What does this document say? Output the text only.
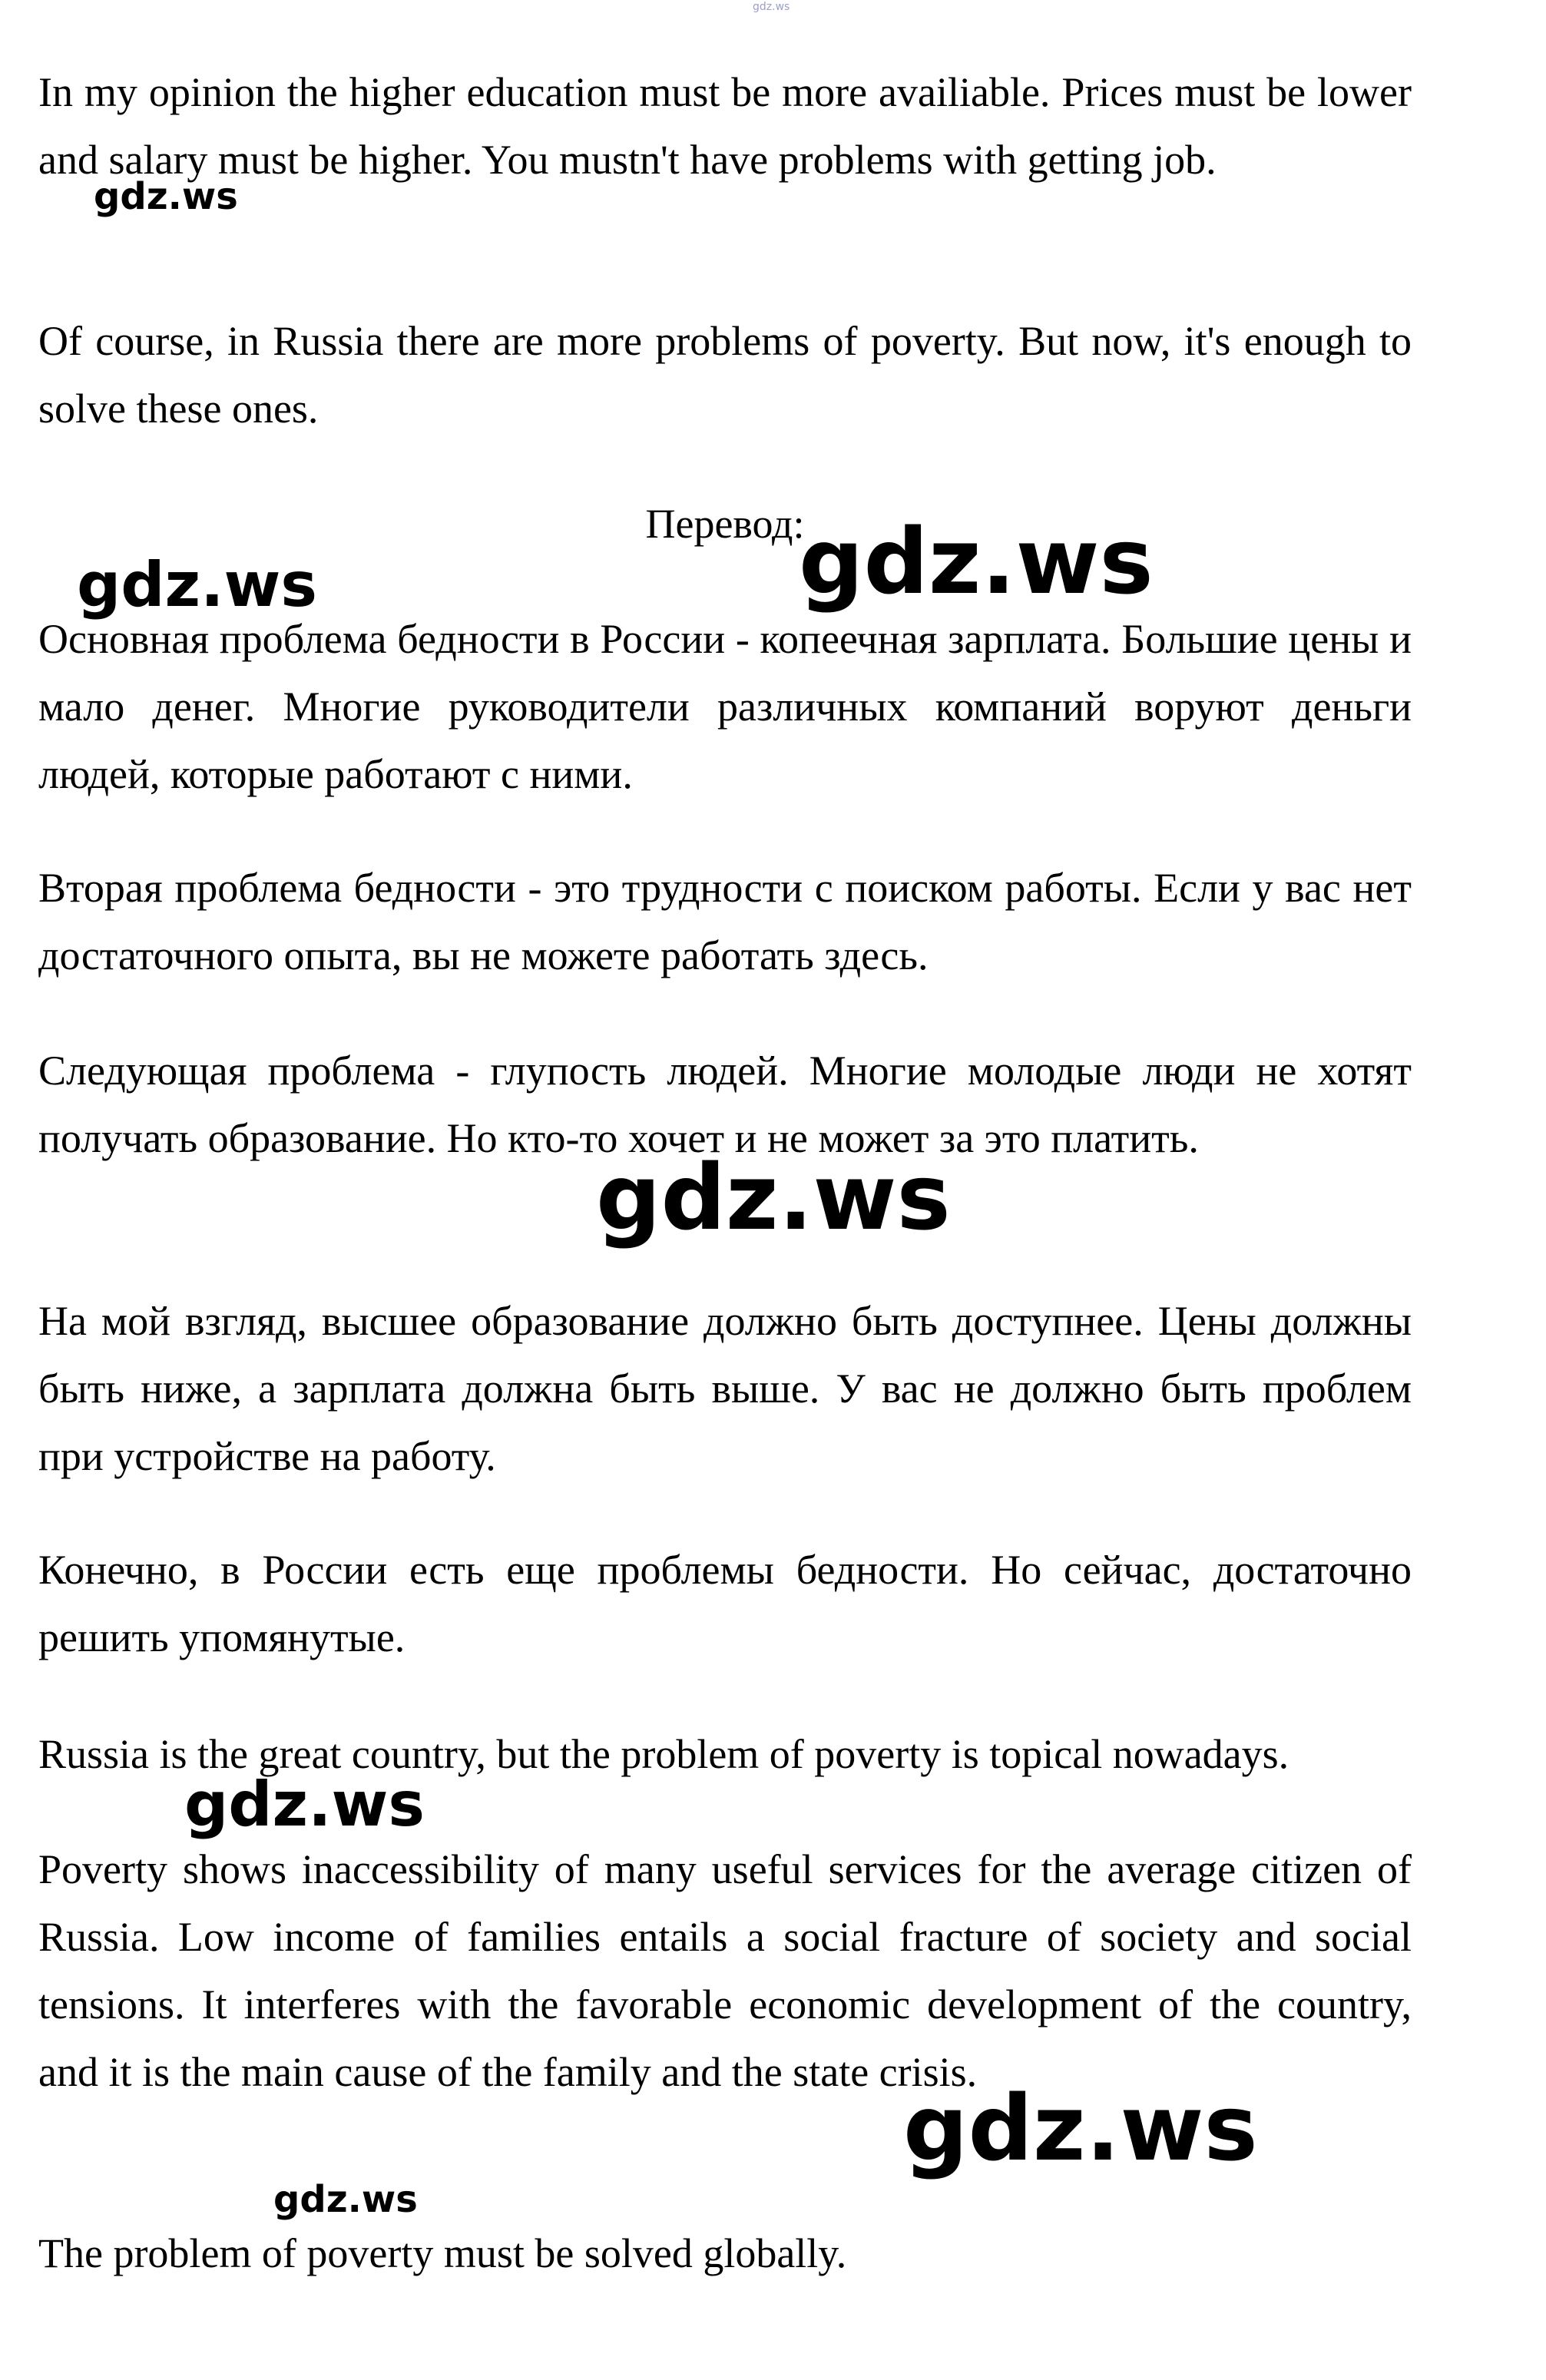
gdz.ws

In my opinion the higher education must be more availiable. Prices must be lower and salary must be higher. You mustn't have problems with getting job.

Of course, in Russia there are more problems of poverty. But now, it's enough to solve these ones.

Перевод:

Основная проблема бедности в России - копеечная зарплата. Большие цены и мало денег. Многие руководители различных компаний воруют деньги людей, которые работают с ними.

Вторая проблема бедности - это трудности с поиском работы. Если у вас нет достаточного опыта, вы не можете работать здесь.

Следующая проблема - глупость людей. Многие молодые люди не хотят получать образование. Но кто-то хочет и не может за это платить.

На мой взгляд, высшее образование должно быть доступнее. Цены должны быть ниже, а зарплата должна быть выше. У вас не должно быть проблем при устройстве на работу.

Конечно, в России есть еще проблемы бедности. Но сейчас, достаточно решить упомянутые.

Russia is the great country, but the problem of poverty is topical nowadays.

Poverty shows inaccessibility of many useful services for the average citizen of Russia. Low income of families entails a social fracture of society and social tensions. It interferes with the favorable economic development of the country, and it is the main cause of the family and the state crisis.

The problem of poverty must be solved globally.

gdz.ws
gdz.ws	gdz.ws
gdz.ws
gdz.ws
gdz.ws
gdz.ws
